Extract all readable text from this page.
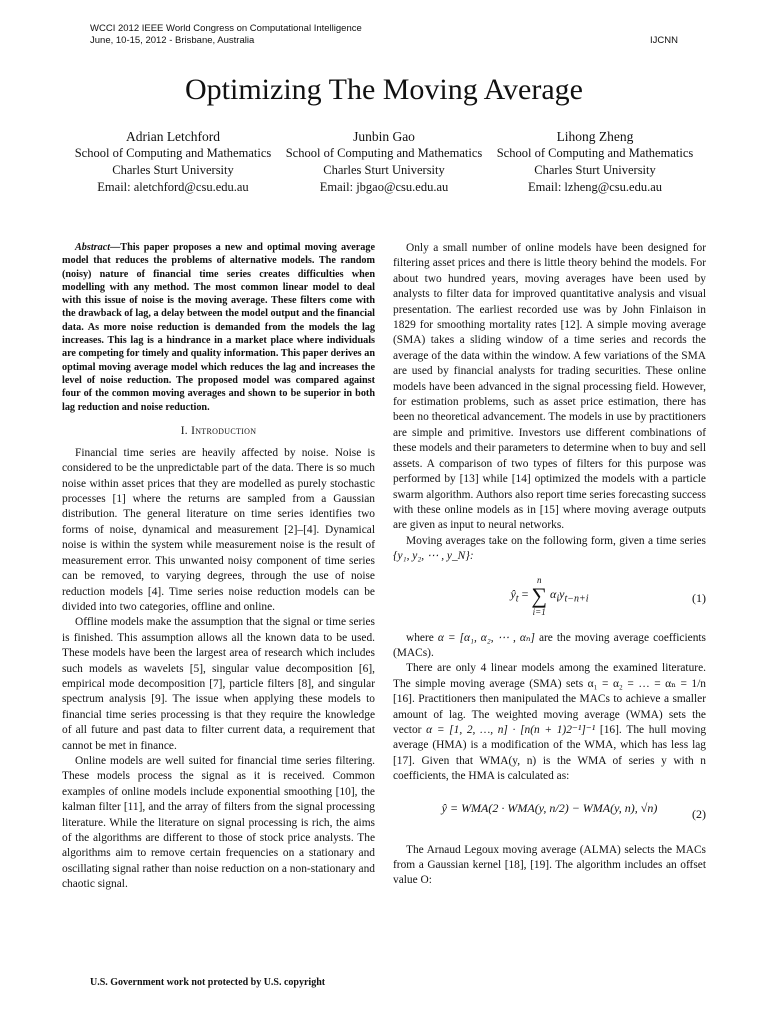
WCCI 2012 IEEE World Congress on Computational Intelligence
June, 10-15, 2012 - Brisbane, Australia	IJCNN
Optimizing The Moving Average
Adrian Letchford
School of Computing and Mathematics
Charles Sturt University
Email: aletchford@csu.edu.au
Junbin Gao
School of Computing and Mathematics
Charles Sturt University
Email: jbgao@csu.edu.au
Lihong Zheng
School of Computing and Mathematics
Charles Sturt University
Email: lzheng@csu.edu.au

Abstract—This paper proposes a new and optimal moving average model that reduces the problems of alternative models. The random (noisy) nature of financial time series creates difficulties when modelling with any method. The most common linear model to deal with this issue of noise is the moving average. These filters come with the drawback of lag, a delay between the model output and the financial data. As more noise reduction is demanded from the models the lag increases. This lag is a hindrance in a market place where individuals are competing for timely and quality information. This paper derives an optimal moving average model which reduces the lag and increases the level of noise reduction. The proposed model was compared against four of the common moving averages and shown to be superior in both lag reduction and noise reduction.

I. Introduction

Financial time series are heavily affected by noise. Noise is considered to be the unpredictable part of the data. There is so much noise within asset prices that they are modelled as purely stochastic processes [1] where the returns are sampled from a Gaussian distribution. The general literature on time series identifies two forms of noise, dynamical and measurement [2]–[4]. Dynamical noise is within the system while measurement noise is the result of measurement error. This unwanted noisy component of time series can be removed, to varying degrees, through the use of noise reduction models [4]. Time series noise reduction models can be divided into two categories, offline and online.

Offline models make the assumption that the signal or time series is finished. This assumption allows all the known data to be used. These models have been the largest area of research which includes such models as wavelets [5], singular value decomposition [6], empirical mode decomposition [7], particle filters [8], and singular spectrum analysis [9]. The issue when applying these models to financial time series processing is that they require the knowledge of all future and past data to filter current data, a requirement that cannot be met in finance.

Online models are well suited for financial time series filtering. These models process the signal as it is received. Common examples of online models include exponential smoothing [10], the kalman filter [11], and the array of filters from the signal processing literature. While the literature on signal processing is rich, the aims of the algorithms are different to those of stock price analysts. The algorithms aim to remove certain frequencies on a stationary and oscillating signal rather than noise reduction on a non-stationary and chaotic signal.

Only a small number of online models have been designed for filtering asset prices and there is little theory behind the models. For about two hundred years, moving averages have been used by analysts to filter data for improved quantitative analysis and visual presentation. The earliest recorded use was by John Finlaison in 1829 for smoothing mortality rates [12]. A simple moving average (SMA) takes a sliding window of a time series and records the average of the data within the window. A few variations of the SMA are used by financial analysts for trading securities. These online models have been advanced in the signal processing field. However, for estimation problems, such as asset price estimation, there has been no theoretical advancement. The models in use by practitioners are simple and primitive. Investors use different combinations of these models and their parameters to determine when to buy and sell assets. A comparison of two types of filters for this purpose was performed by [13] while [14] optimized the models with a particle swarm algorithm. Authors also report time series forecasting success with these online models as in [15] where moving average outputs are given as input to neural networks.

Moving averages take on the following form, given a time series {y₁, y₂, ⋯ , y_N}:

$ŷ_t = n$
∑
i=1 $\alpha_iy_{t-n+i}$	(1)

where α = [α₁, α₂, ⋯ , αₙ] are the moving average coefficients (MACs).

There are only 4 linear models among the examined literature. The simple moving average (SMA) sets α₁ = α₂ = … = αₙ = 1/n [16]. Practitioners then manipulated the MACs to achieve a smaller amount of lag. The weighted moving average (WMA) sets the vector α = [1, 2, …, n] · [n(n + 1)2⁻¹]⁻¹ [16]. The hull moving average (HMA) is a modification of the WMA, which has less lag [17]. Given that WMA(y, n) is the WMA of series y with n coefficients, the HMA is calculated as:

ŷ = WMA(2 · WMA(y, n/2) − WMA(y, n), √n)	(2)

The Arnaud Legoux moving average (ALMA) selects the MACs from a Gaussian kernel [18], [19]. The algorithm includes an offset value O:

U.S. Government work not protected by U.S. copyright
